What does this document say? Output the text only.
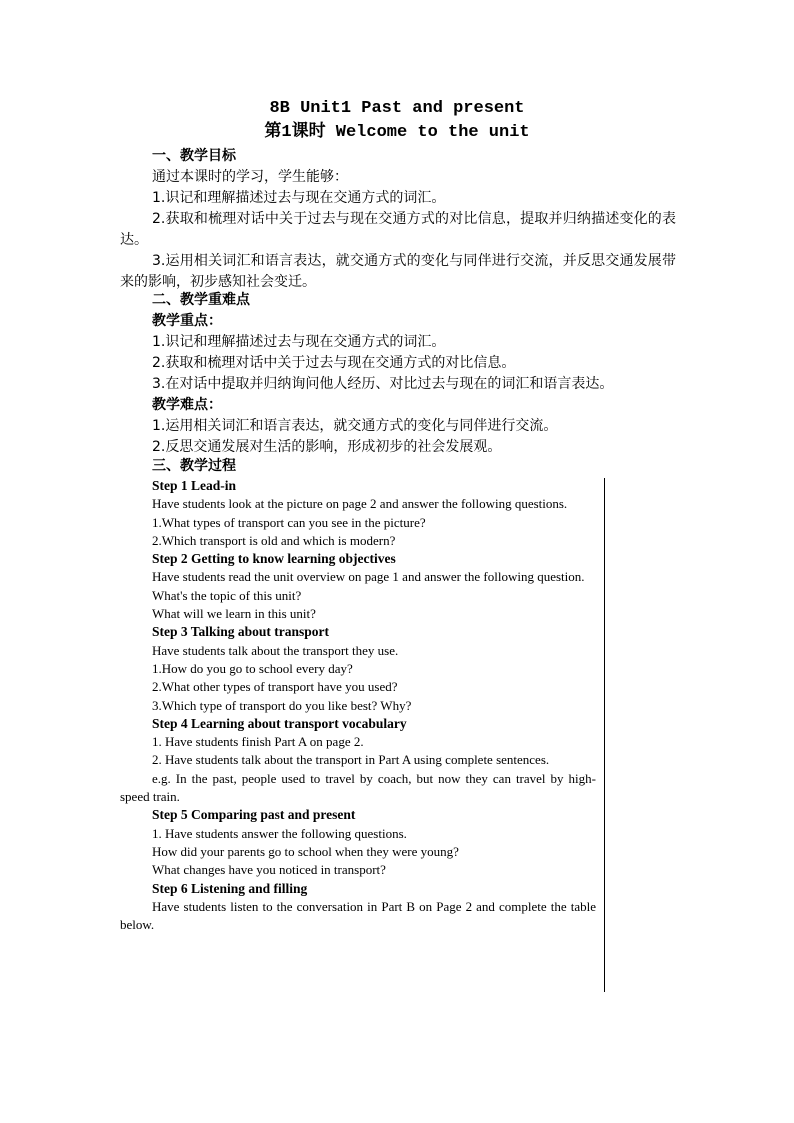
8B Unit1 Past and present
第1课时 Welcome to the unit
一、教学目标
通过本课时的学习，学生能够：
1.识记和理解描述过去与现在交通方式的词汇。
2.获取和梳理对话中关于过去与现在交通方式的对比信息，提取并归纳描述变化的表达。
3.运用相关词汇和语言表达，就交通方式的变化与同伴进行交流，并反思交通发展带来的影响，初步感知社会变迁。
二、教学重难点
教学重点：
1.识记和理解描述过去与现在交通方式的词汇。
2.获取和梳理对话中关于过去与现在交通方式的对比信息。
3.在对话中提取并归纳询问他人经历、对比过去与现在的词汇和语言表达。
教学难点：
1.运用相关词汇和语言表达，就交通方式的变化与同伴进行交流。
2.反思交通发展对生活的影响，形成初步的社会发展观。
三、教学过程
Step 1 Lead-in
Have students look at the picture on page 2 and answer the following questions.
1.What types of transport can you see in the picture?
2.Which transport is old and which is modern?
Step 2 Getting to know learning objectives
Have students read the unit overview on page 1 and answer the following question.
What's the topic of this unit?
What will we learn in this unit?
Step 3 Talking about transport
Have students talk about the transport they use.
1.How do you go to school every day?
2.What other types of transport have you used?
3.Which type of transport do you like best? Why?
Step 4 Learning about transport vocabulary
1. Have students finish Part A on page 2.
2. Have students talk about the transport in Part A using complete sentences.
e.g. In the past, people used to travel by coach, but now they can travel by high-speed train.
Step 5 Comparing past and present
1. Have students answer the following questions.
How did your parents go to school when they were young?
What changes have you noticed in transport?
Step 6 Listening and filling
Have students listen to the conversation in Part B on Page 2 and complete the table below.
